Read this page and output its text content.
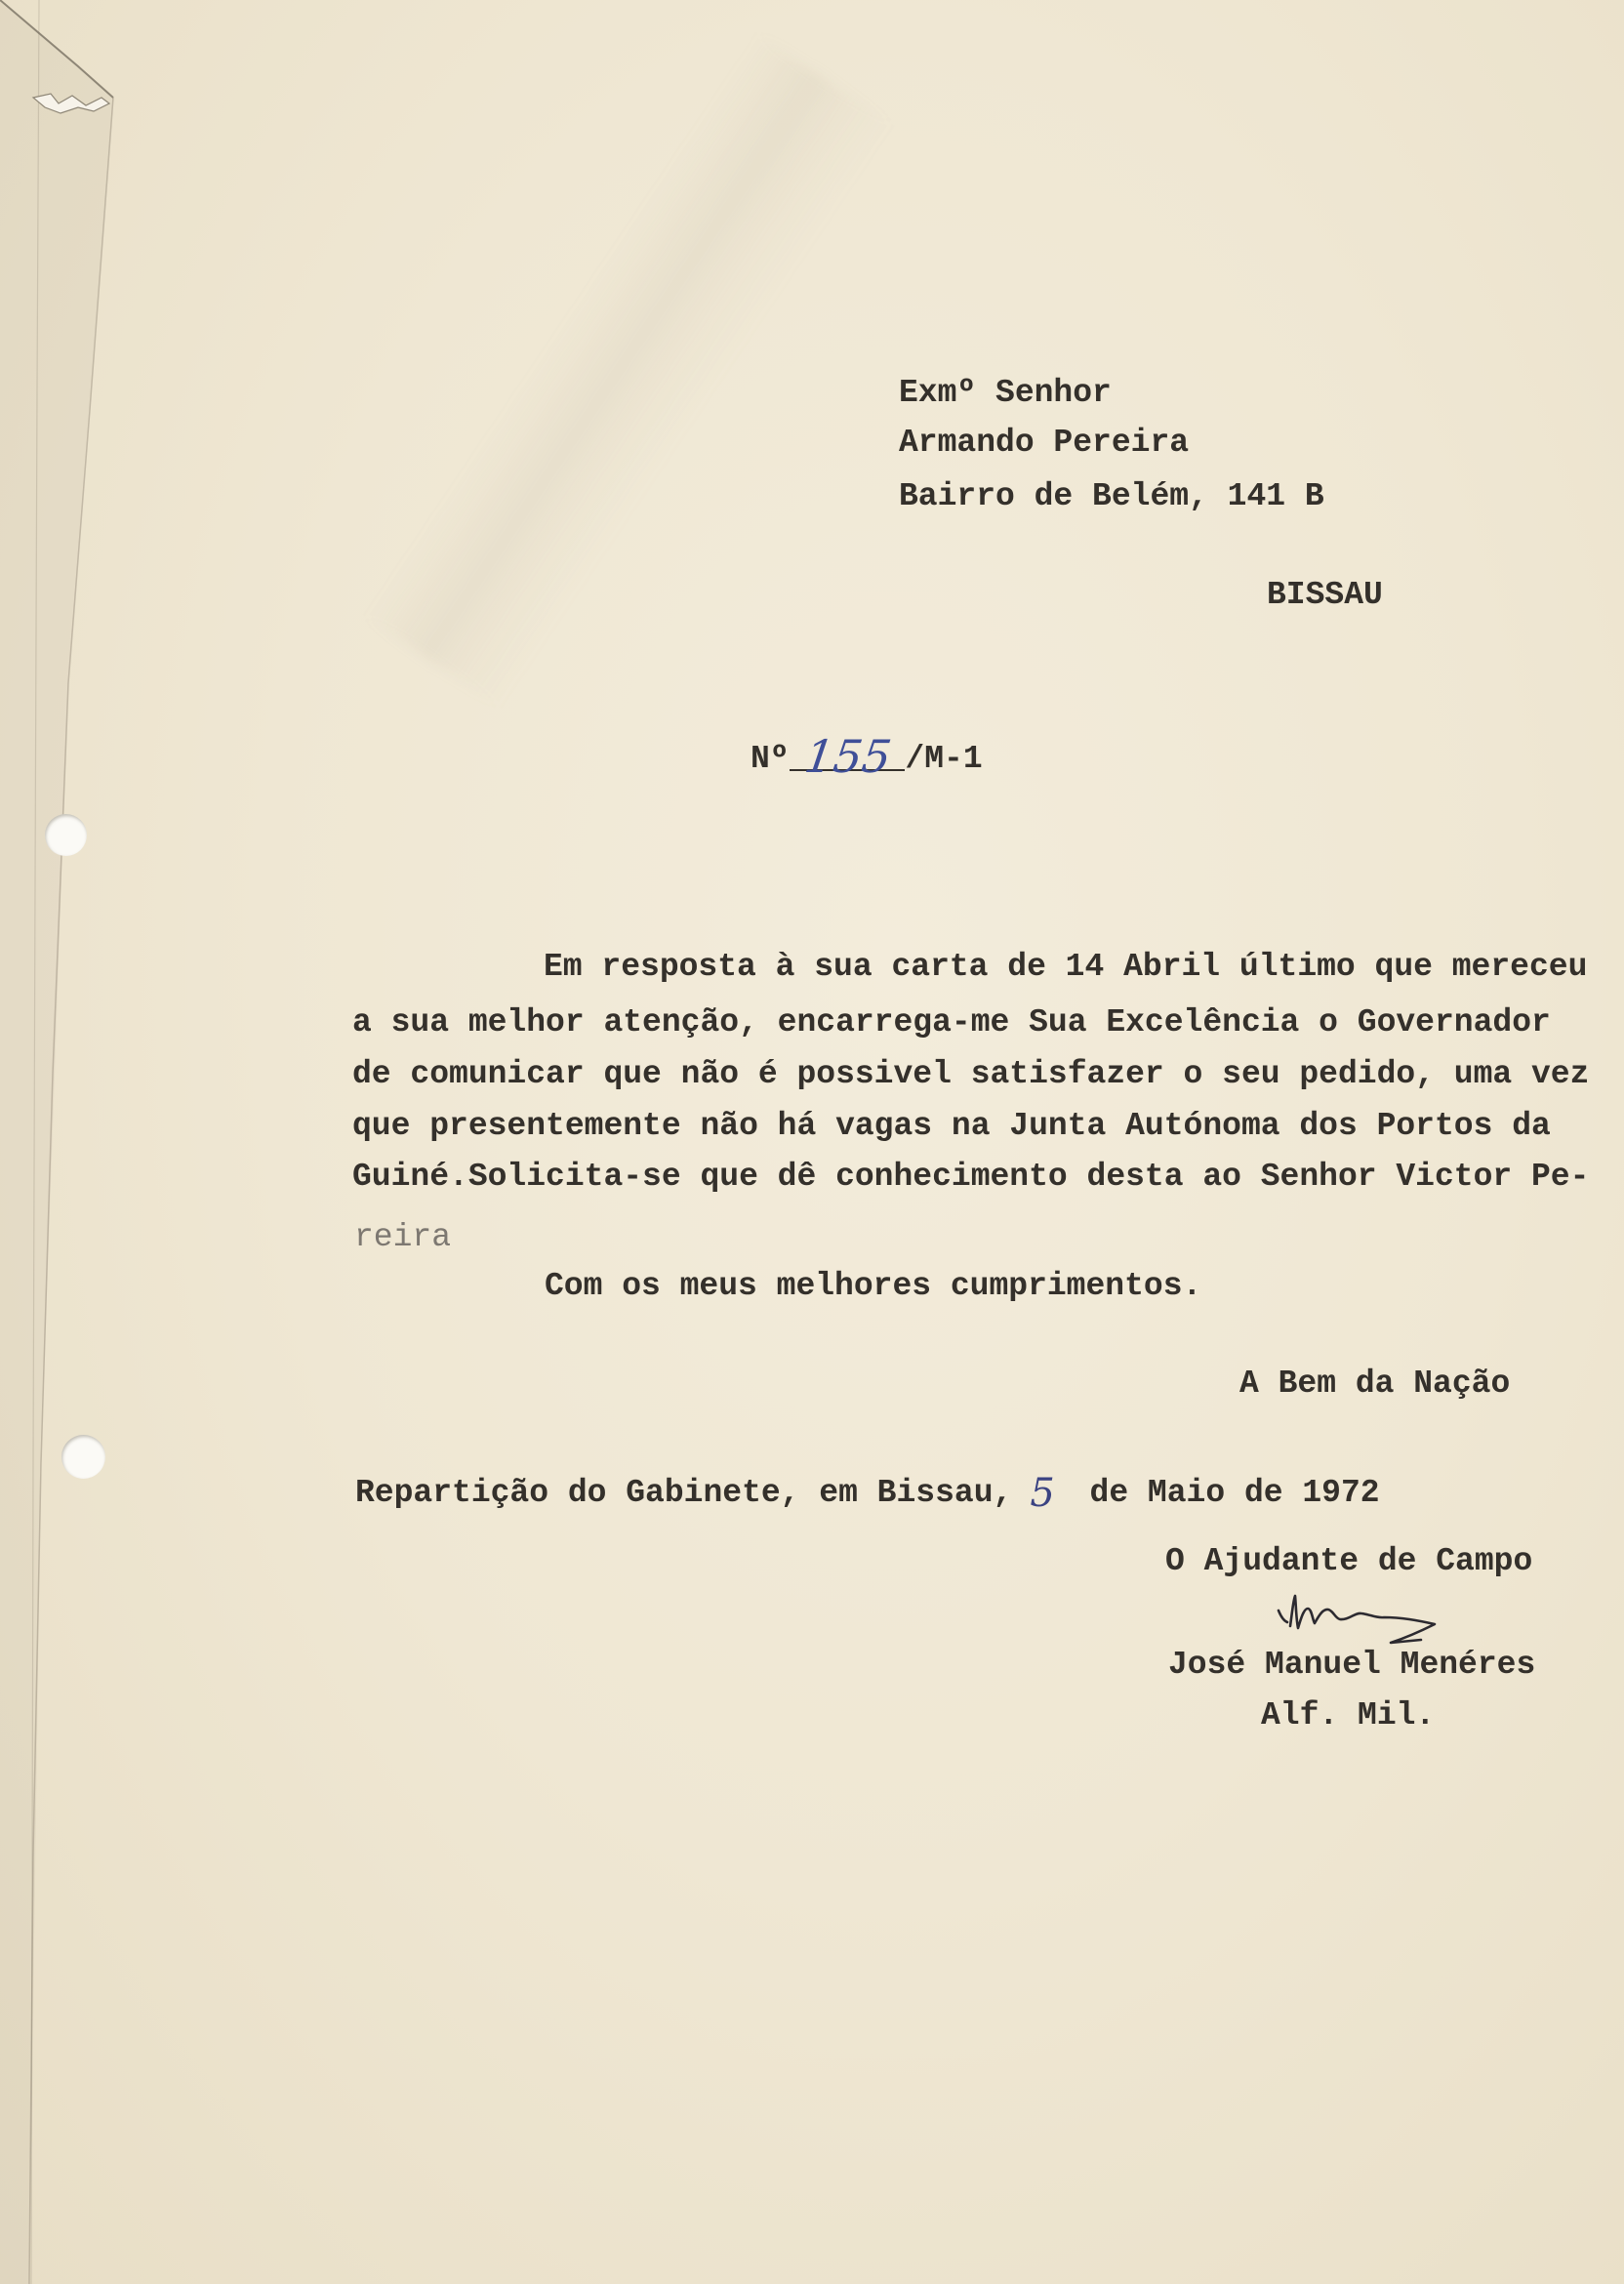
Exmº Senhor
Armando Pereira
Bairro de Belém, 141 B
BISSAU
Nº 155 /M-1
Em resposta à sua carta de 14 Abril último que mereceu
a sua melhor atenção, encarrega-me Sua Excelência o Governador
de comunicar que não é possivel satisfazer o seu pedido, uma vez
que presentemente não há vagas na Junta Autónoma dos Portos da
Guiné.Solicita-se que dê conhecimento desta ao Senhor Victor Pe-
reira
Com os meus melhores cumprimentos.
A Bem da Nação
Repartição do Gabinete, em Bissau, 5 de Maio de 1972
O Ajudante de Campo
José Manuel Menéres
Alf. Mil.
